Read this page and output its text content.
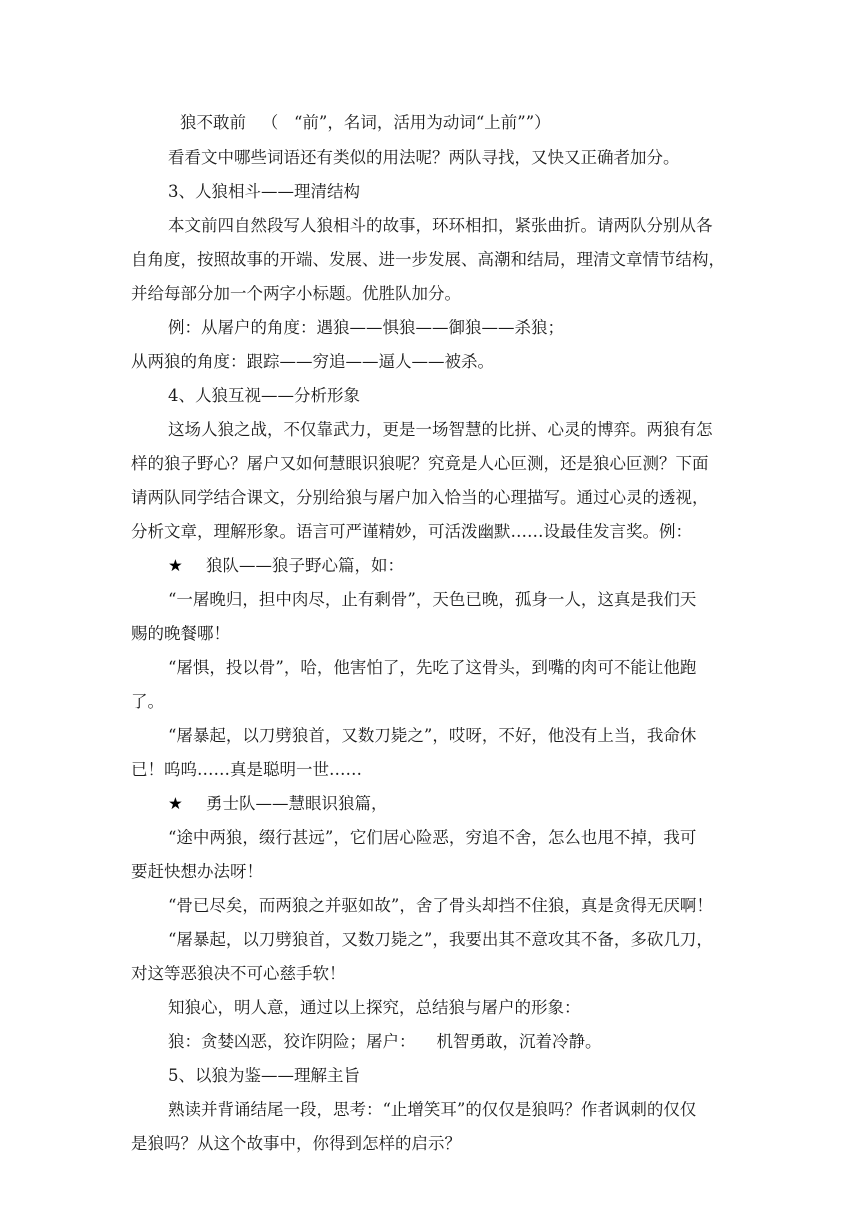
狼不敢前   （   “前”，名词，活用为动词“上前””）
看看文中哪些词语还有类似的用法呢？两队寻找，又快又正确者加分。
3、人狼相斗——理清结构
本文前四自然段写人狼相斗的故事，环环相扣，紧张曲折。请两队分别从各
自角度，按照故事的开端、发展、进一步发展、高潮和结局，理清文章情节结构，
并给每部分加一个两字小标题。优胜队加分。
例：从屠户的角度：遇狼——惧狼——御狼——杀狼；
从两狼的角度：跟踪——穷追——逼人——被杀。
4、人狼互视——分析形象
这场人狼之战，不仅靠武力，更是一场智慧的比拼、心灵的博弈。两狼有怎
样的狼子野心？屠户又如何慧眼识狼呢？究竟是人心叵测，还是狼心叵测？下面
请两队同学结合课文，分别给狼与屠户加入恰当的心理描写。通过心灵的透视，
分析文章，理解形象。语言可严谨精妙，可活泼幽默……设最佳发言奖。例：
★ 狼队——狼子野心篇，如：
“一屠晚归，担中肉尽，止有剩骨”，天色已晚，孤身一人，这真是我们天
赐的晚餐哪！
“屠惧，投以骨”，哈，他害怕了，先吃了这骨头，到嘴的肉可不能让他跑
了。
“屠暴起，以刀劈狼首，又数刀毙之”，哎呀，不好，他没有上当，我命休
已！呜呜……真是聪明一世……
★ 勇士队——慧眼识狼篇，
“途中两狼，缀行甚远”，它们居心险恶，穷追不舍，怎么也甩不掉，我可
要赶快想办法呀！
“骨已尽矣，而两狼之并驱如故”，舍了骨头却挡不住狼，真是贪得无厌啊！
“屠暴起，以刀劈狼首，又数刀毙之”，我要出其不意攻其不备，多砍几刀，
对这等恶狼决不可心慈手软！
知狼心，明人意，通过以上探究，总结狼与屠户的形象：
狼：贪婪凶恶，狡诈阴险；屠户：    机智勇敢，沉着冷静。
5、以狼为鉴——理解主旨
熟读并背诵结尾一段，思考：“止增笑耳”的仅仅是狼吗？作者讽刺的仅仅
是狼吗？从这个故事中，你得到怎样的启示？
